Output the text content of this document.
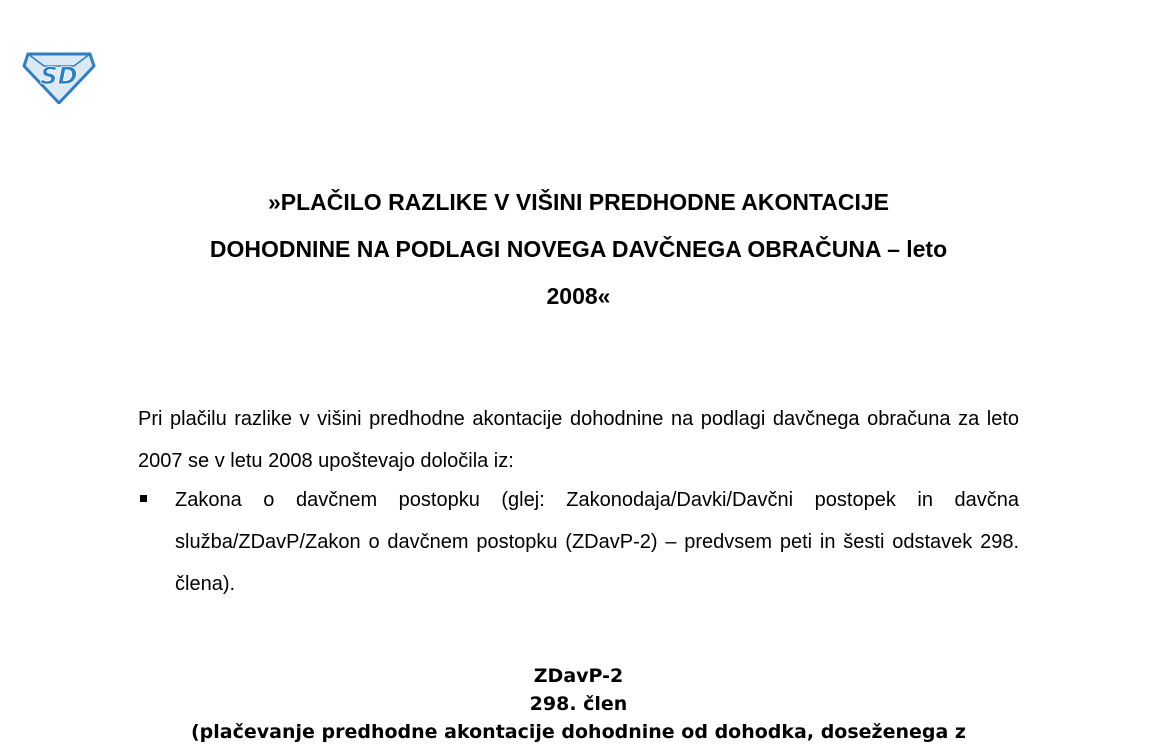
SD
»PLAČILO RAZLIKE V VIŠINI PREDHODNE AKONTACIJE
DOHODNINE NA PODLAGI NOVEGA DAVČNEGA OBRAČUNA – leto
2008«

Pri plačilu razlike v višini predhodne akontacije dohodnine na podlagi davčnega obračuna za leto 2007 se v letu 2008 upoštevajo določila iz:

Zakona o davčnem postopku (glej: Zakonodaja/Davki/Davčni postopek in davčna služba/ZDavP/Zakon o davčnem postopku (ZDavP-2) – predvsem peti in šesti odstavek 298. člena).
ZDavP-2
298. člen
(plačevanje predhodne akontacije dohodnine od dohodka, doseženega z
